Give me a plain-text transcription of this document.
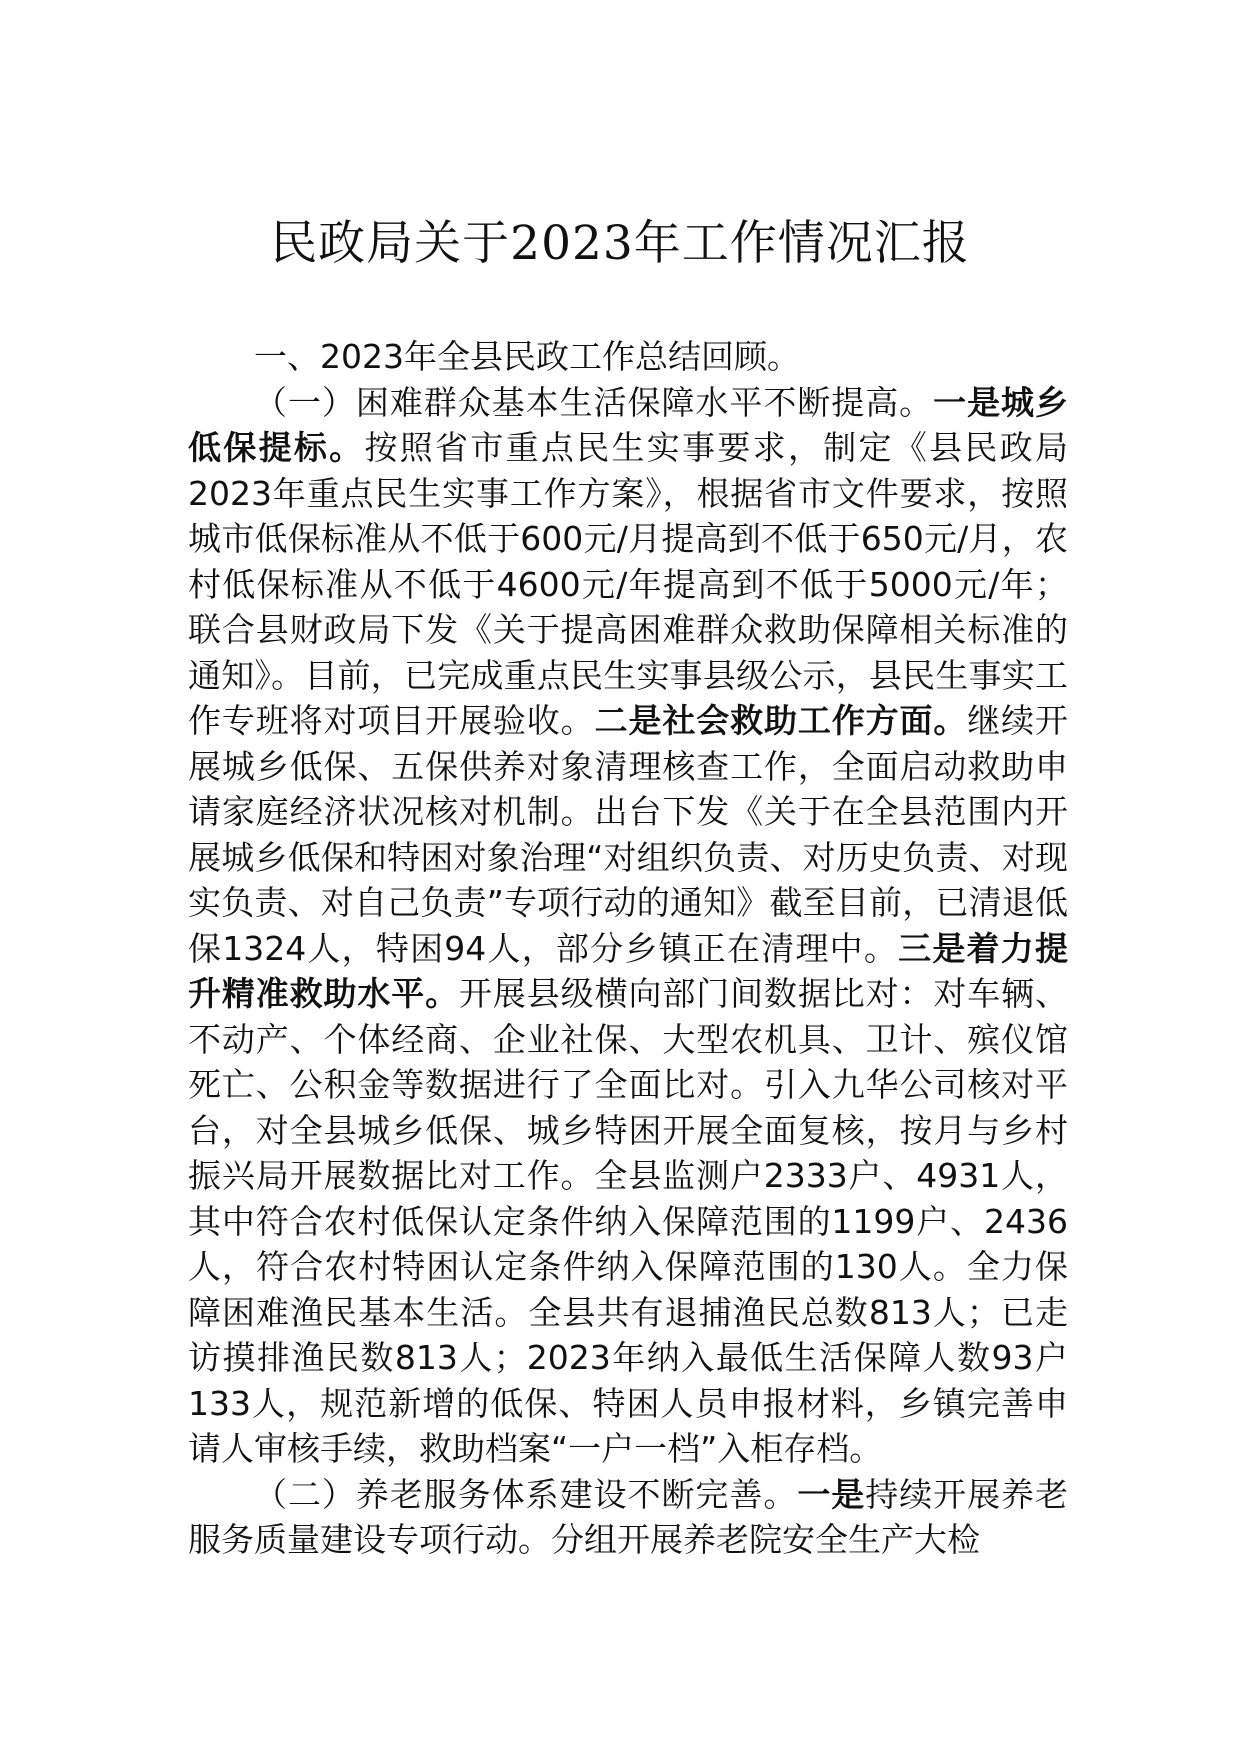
民政局关于2023年工作情况汇报

一、2023年全县民政工作总结回顾。

（一）困难群众基本生活保障水平不断提高。一是城乡低保提标。按照省市重点民生实事要求，制定《县民政局2023年重点民生实事工作方案》，根据省市文件要求，按照城市低保标准从不低于600元/月提高到不低于650元/月，农村低保标准从不低于4600元/年提高到不低于5000元/年；联合县财政局下发《关于提高困难群众救助保障相关标准的通知》。目前，已完成重点民生实事县级公示，县民生事实工作专班将对项目开展验收。二是社会救助工作方面。继续开展城乡低保、五保供养对象清理核查工作，全面启动救助申请家庭经济状况核对机制。出台下发《关于在全县范围内开展城乡低保和特困对象治理“对组织负责、对历史负责、对现实负责、对自己负责”专项行动的通知》截至目前，已清退低保1324人，特困94人，部分乡镇正在清理中。三是着力提升精准救助水平。开展县级横向部门间数据比对：对车辆、不动产、个体经商、企业社保、大型农机具、卫计、殡仪馆死亡、公积金等数据进行了全面比对。引入九华公司核对平台，对全县城乡低保、城乡特困开展全面复核，按月与乡村振兴局开展数据比对工作。全县监测户2333户、4931人，其中符合农村低保认定条件纳入保障范围的1199户、2436人，符合农村特困认定条件纳入保障范围的130人。全力保障困难渔民基本生活。全县共有退捕渔民总数813人；已走访摸排渔民数813人；2023年纳入最低生活保障人数93户133人，规范新增的低保、特困人员申报材料，乡镇完善申请人审核手续，救助档案“一户一档”入柜存档。

（二）养老服务体系建设不断完善。一是持续开展养老服务质量建设专项行动。分组开展养老院安全生产大检
